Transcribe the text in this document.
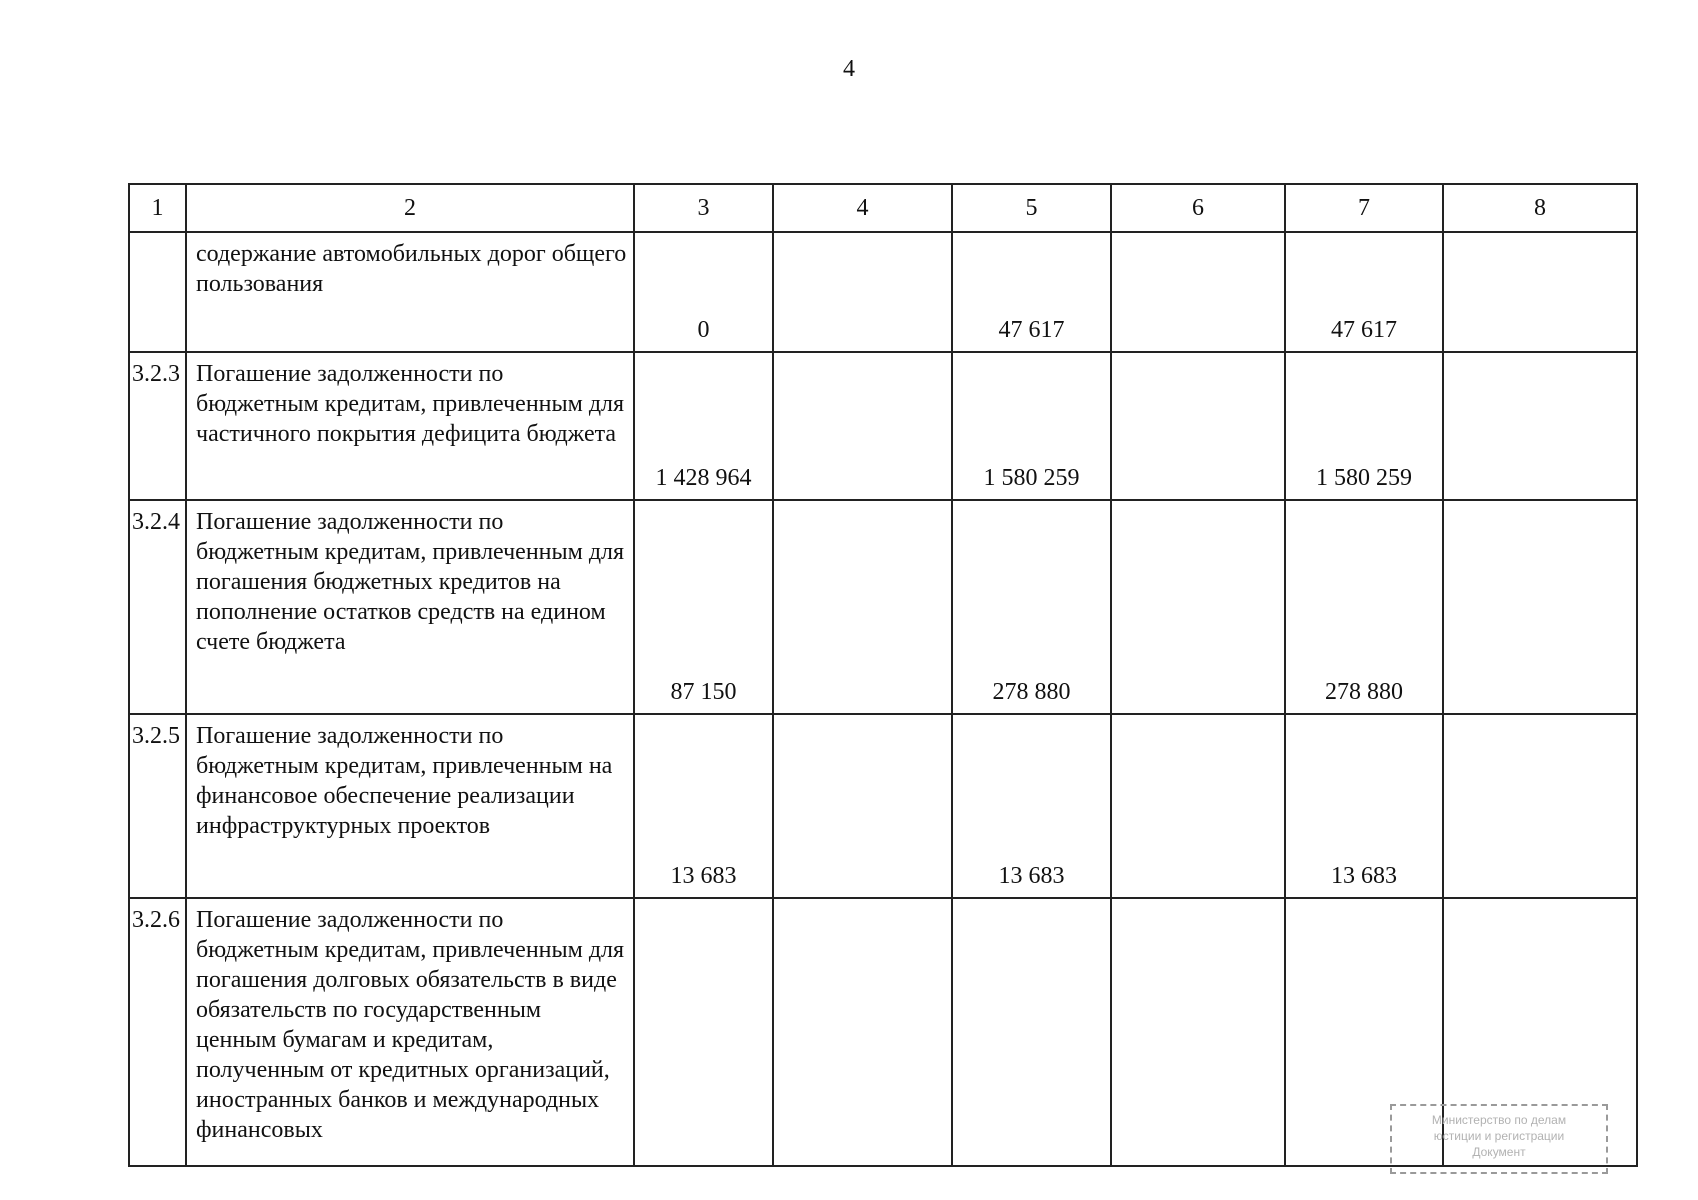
4
1	2	3	4	5	6	7	8
	содержание автомобильных дорог общего пользования	0		47 617		47 617	
3.2.3	Погашение задолженности по бюджетным кредитам, привлеченным для частичного покрытия дефицита бюджета	1 428 964		1 580 259		1 580 259	
3.2.4	Погашение задолженности по бюджетным кредитам, привлеченным для погашения бюджетных кредитов на пополнение остатков средств на едином счете бюджета	87 150		278 880		278 880	
3.2.5	Погашение задолженности по бюджетным кредитам, привлеченным на финансовое обеспечение реализации инфраструктурных проектов	13 683		13 683		13 683	
3.2.6	Погашение задолженности по бюджетным кредитам, привлеченным для погашения долговых обязательств в виде обязательств по государственным ценным бумагам и кредитам, полученным от кредитных организаций, иностранных банков и международных финансовых							Министерство по делам
юстиции и регистрации
Документ
